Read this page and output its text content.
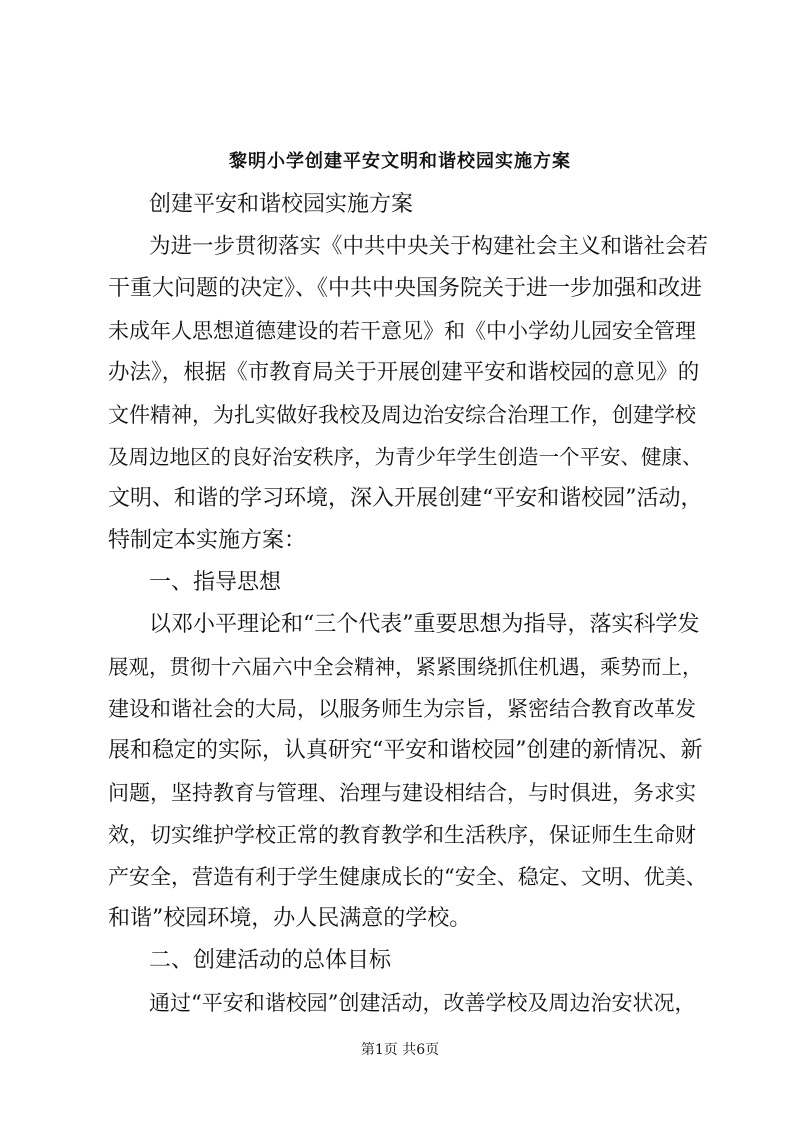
黎明小学创建平安文明和谐校园实施方案
创建平安和谐校园实施方案
为进一步贯彻落实《中共中央关于构建社会主义和谐社会若
干重大问题的决定》、《中共中央国务院关于进一步加强和改进
未成年人思想道德建设的若干意见》和《中小学幼儿园安全管理
办法》，根据《市教育局关于开展创建平安和谐校园的意见》的
文件精神，为扎实做好我校及周边治安综合治理工作，创建学校
及周边地区的良好治安秩序，为青少年学生创造一个平安、健康、
文明、和谐的学习环境，深入开展创建“平安和谐校园”活动，
特制定本实施方案：
一、指导思想
以邓小平理论和“三个代表”重要思想为指导，落实科学发
展观，贯彻十六届六中全会精神，紧紧围绕抓住机遇，乘势而上，
建设和谐社会的大局，以服务师生为宗旨，紧密结合教育改革发
展和稳定的实际，认真研究“平安和谐校园”创建的新情况、新
问题，坚持教育与管理、治理与建设相结合，与时俱进，务求实
效，切实维护学校正常的教育教学和生活秩序，保证师生生命财
产安全，营造有利于学生健康成长的“安全、稳定、文明、优美、
和谐”校园环境，办人民满意的学校。
二、创建活动的总体目标
通过“平安和谐校园”创建活动，改善学校及周边治安状况，
第1页 共6页
